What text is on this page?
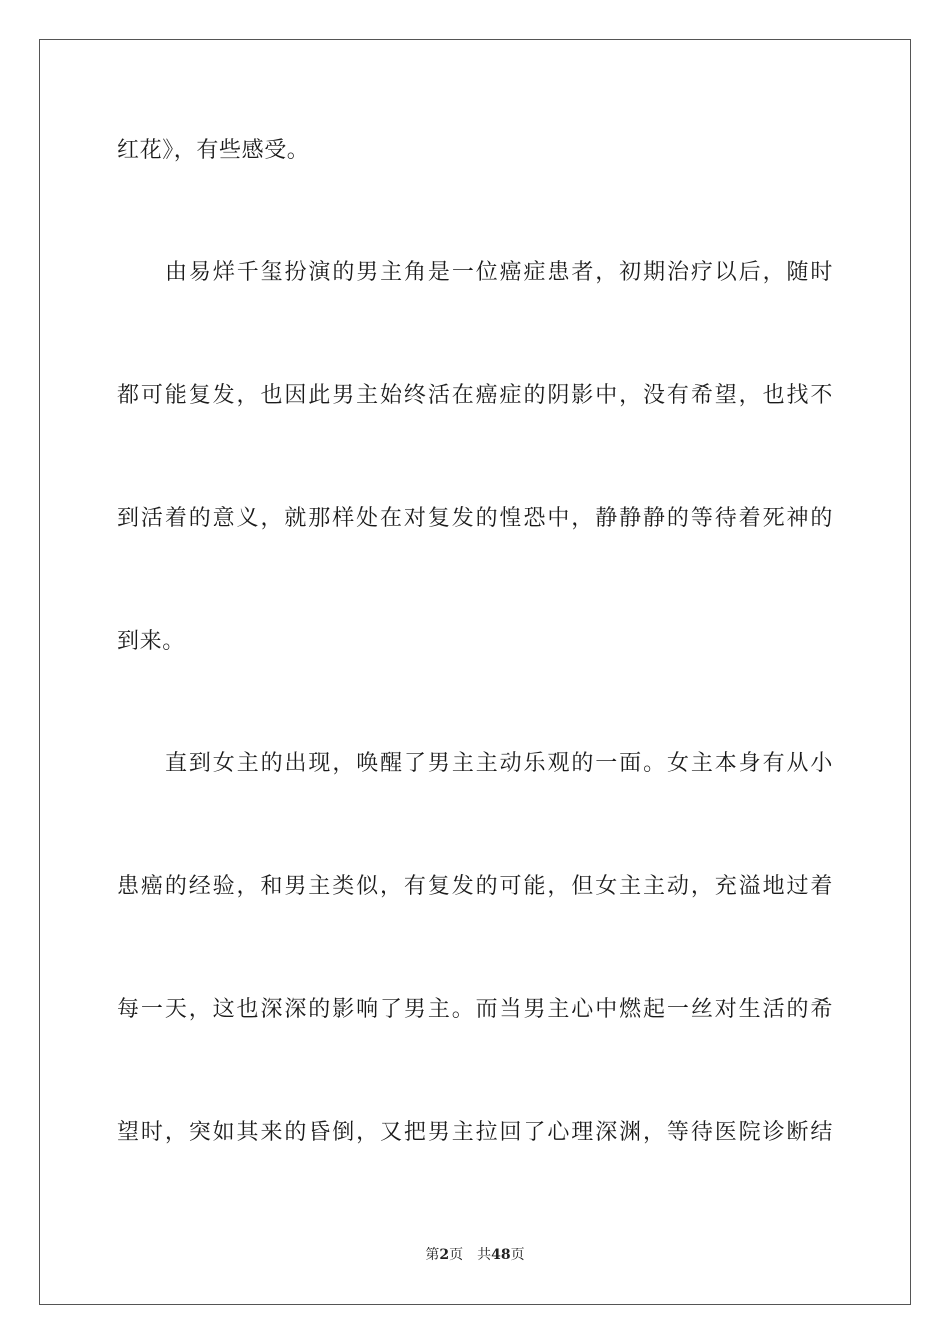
红花》，有些感受。
由易烊千玺扮演的男主角是一位癌症患者，初期治疗以后，随时
都可能复发，也因此男主始终活在癌症的阴影中，没有希望，也找不
到活着的意义，就那样处在对复发的惶恐中，静静静的等待着死神的
到来。
直到女主的出现，唤醒了男主主动乐观的一面。女主本身有从小
患癌的经验，和男主类似，有复发的可能，但女主主动，充溢地过着
每一天，这也深深的影响了男主。而当男主心中燃起一丝对生活的希
望时，突如其来的昏倒，又把男主拉回了心理深渊，等待医院诊断结
第2页 共48页
